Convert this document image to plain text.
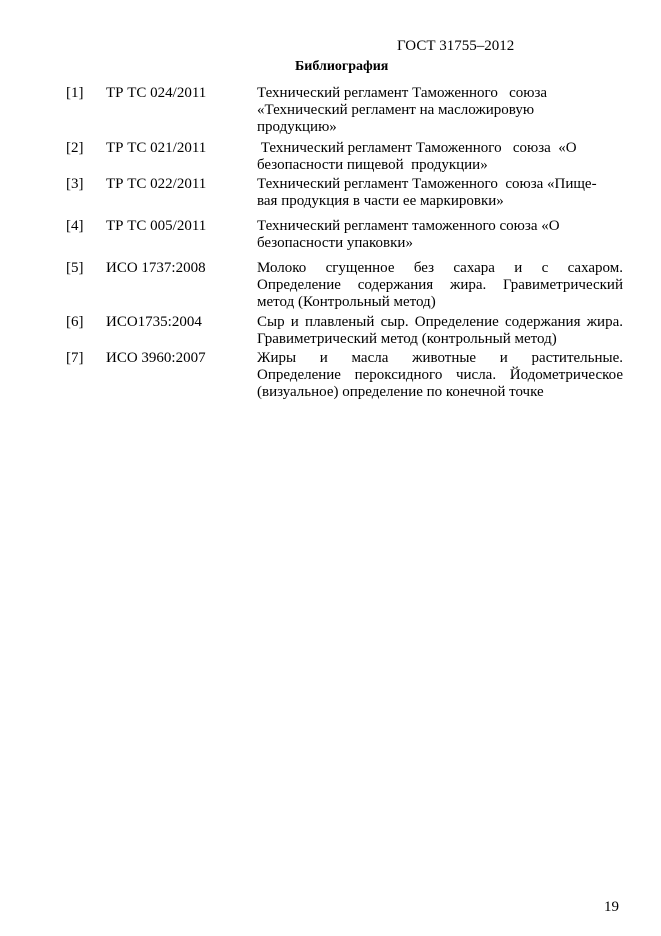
ГОСТ 31755–2012
Библиография
[1] ТР ТС 024/2011	Технический регламент Таможенного   союза
«Технический регламент на масложировую
продукцию»
[2] ТР ТС 021/2011	Технический регламент Таможенного   союза  «О
безопасности пищевой  продукции»
[3] ТР ТС 022/2011	Технический регламент Таможенного  союза «Пище-
вая продукция в части ее маркировки»
[4] ТР ТС 005/2011	Технический регламент таможенного союза «О
безопасности упаковки»
[5] ИСО 1737:2008	Молоко сгущенное без сахара и с сахаром.
Определение содержания жира. Гравиметрический
метод (Контрольный метод)
[6] ИСО1735:2004	Сыр и плавленый сыр. Определение содержания жира.
Гравиметрический метод (контрольный метод)
[7] ИСО 3960:2007	Жиры и масла животные и растительные.
Определение пероксидного числа. Йодометрическое
(визуальное) определение по конечной точке
19
